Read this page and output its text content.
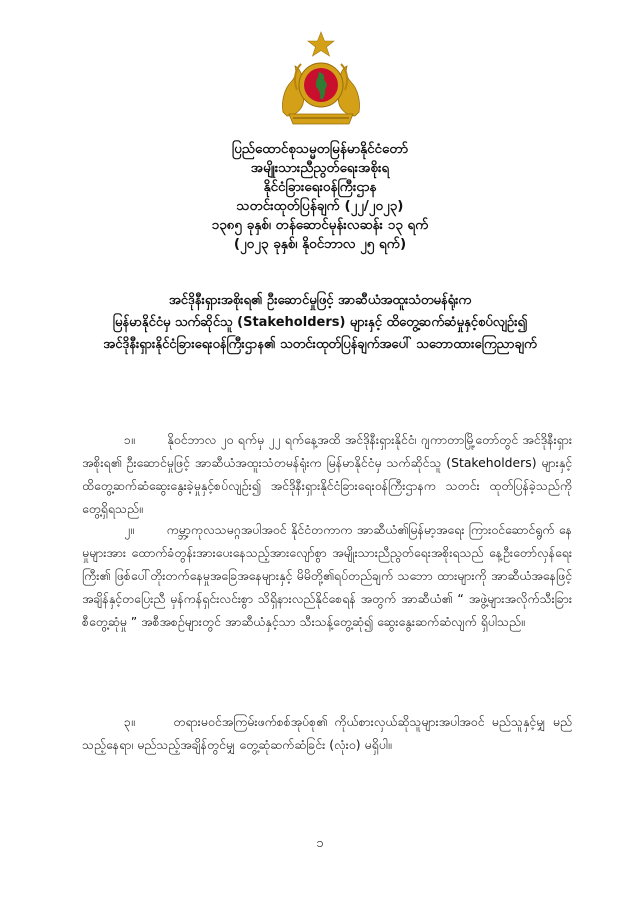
ပြည်ထောင်စုသမ္မတမြန်မာနိုင်ငံတော်
အမျိုးသားညီညွတ်ရေးအစိုးရ
နိုင်ငံခြားရေးဝန်ကြီးဌာန
သတင်းထုတ်ပြန်ချက် (၂၂/၂၀၂၃)
၁၃၈၅ ခုနှစ်၊ တန်ဆောင်မုန်းလဆန်း ၁၃ ရက်
(၂၀၂၃ ခုနှစ်၊ နိုဝင်ဘာလ ၂၅ ရက်)
အင်ဒိုနီးရှားအစိုးရ၏ ဦးဆောင်မှုဖြင့် အာဆီယံအထူးသံတမန်ရုံးက
မြန်မာနိုင်ငံမှ သက်ဆိုင်သူ (Stakeholders) များနှင့် ထိတွေ့ဆက်ဆံမှုနှင့်စပ်လျဉ်း၍
အင်ဒိုနီးရှားနိုင်ငံခြားရေးဝန်ကြီးဌာန၏ သတင်းထုတ်ပြန်ချက်အပေါ် သဘောထားကြေညာချက်
၁။	နိုဝင်ဘာလ ၂၀ ရက်မှ ၂၂ ရက်နေ့အထိ အင်ဒိုနီးရှားနိုင်ငံ၊ ဂျကာတာမြို့တော်တွင် အင်ဒိုနီးရှား အစိုးရ၏ ဦးဆောင်မှုဖြင့် အာဆီယံအထူးသံတမန်ရုံးက မြန်မာနိုင်ငံမှ သက်ဆိုင်သူ (Stakeholders) များနှင့် ထိတွေ့ဆက်ဆံဆွေးနွေးခဲ့မှုနှင့်စပ်လျဉ်း၍ အင်ဒိုနီးရှားနိုင်ငံခြားရေးဝန်ကြီးဌာနက သတင်း ထုတ်ပြန်ခဲ့သည်ကို တွေ့ရှိရသည်။
၂။	ကမ္ဘာ့ကုလသမဂ္ဂအပါအဝင် နိုင်ငံတကာက အာဆီယံ၏မြန်မာ့အရေး ကြားဝင်ဆောင်ရွက် နေမှုများအား ထောက်ခံတွန်းအားပေးနေသည့်အားလျော်စွာ အမျိုးသားညီညွတ်ရေးအစိုးရသည် နေ့ဦးတော်လှန်ရေးကြီး၏ ဖြစ်ပေါ်တိုးတက်နေမှုအခြေအနေများနှင့် မိမိတို့၏ရပ်တည်ချက် သဘော ထားများကို အာဆီယံအနေဖြင့် အချိန်နှင့်တပြေးညီ မှန်ကန်ရှင်းလင်းစွာ သိရှိနားလည်နိုင်စေရန် အတွက် အာဆီယံ၏ “ အဖွဲ့များအလိုက်သီးခြားစီတွေ့ဆုံမှု ” အစီအစဉ်များတွင် အာဆီယံနှင့်သာ သီးသန့်တွေ့ဆုံ၍ ဆွေးနွေးဆက်ဆံလျက် ရှိပါသည်။
၃။	တရားမဝင်အကြမ်းဖက်စစ်အုပ်စု၏ ကိုယ်စားလှယ်ဆိုသူများအပါအဝင် မည်သူနှင့်မျှ မည်သည့်နေရာ၊ မည်သည့်အချိန်တွင်မျှ တွေ့ဆုံဆက်ဆံခြင်း (လုံးဝ) မရှိပါ။
၁
